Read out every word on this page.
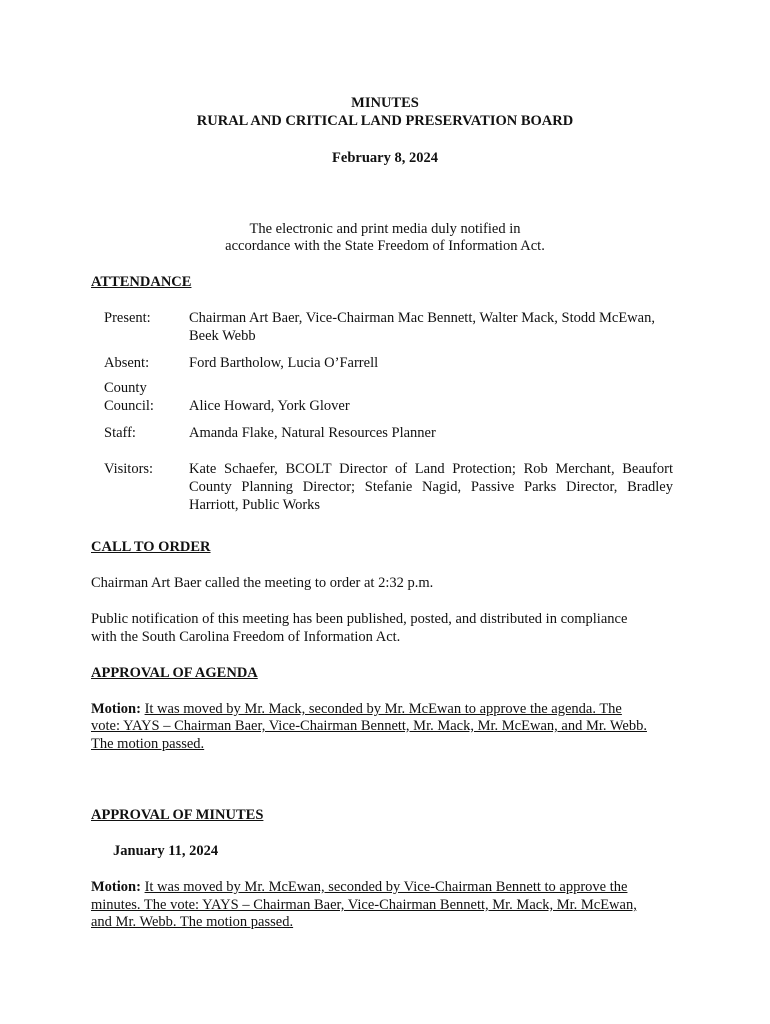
MINUTES
RURAL AND CRITICAL LAND PRESERVATION BOARD
February 8, 2024
The electronic and print media duly notified in
accordance with the State Freedom of Information Act.
ATTENDANCE
Present:	Chairman Art Baer, Vice-Chairman Mac Bennett, Walter Mack, Stodd McEwan,
Beek Webb
Absent:	Ford Bartholow, Lucia O’Farrell
County
Council: Alice Howard, York Glover
Staff:	Amanda Flake, Natural Resources Planner
Visitors: Kate Schaefer, BCOLT Director of Land Protection; Rob Merchant, Beaufort County Planning Director; Stefanie Nagid, Passive Parks Director, Bradley Harriott, Public Works
CALL TO ORDER
Chairman Art Baer called the meeting to order at 2:32 p.m.
Public notification of this meeting has been published, posted, and distributed in compliance
with the South Carolina Freedom of Information Act.
APPROVAL OF AGENDA
Motion: It was moved by Mr. Mack, seconded by Mr. McEwan to approve the agenda. The
vote: YAYS – Chairman Baer, Vice-Chairman Bennett, Mr. Mack, Mr. McEwan, and Mr. Webb.
The motion passed.
APPROVAL OF MINUTES
January 11, 2024
Motion: It was moved by Mr. McEwan, seconded by Vice-Chairman Bennett to approve the
minutes. The vote: YAYS – Chairman Baer, Vice-Chairman Bennett, Mr. Mack, Mr. McEwan,
and Mr. Webb. The motion passed.
